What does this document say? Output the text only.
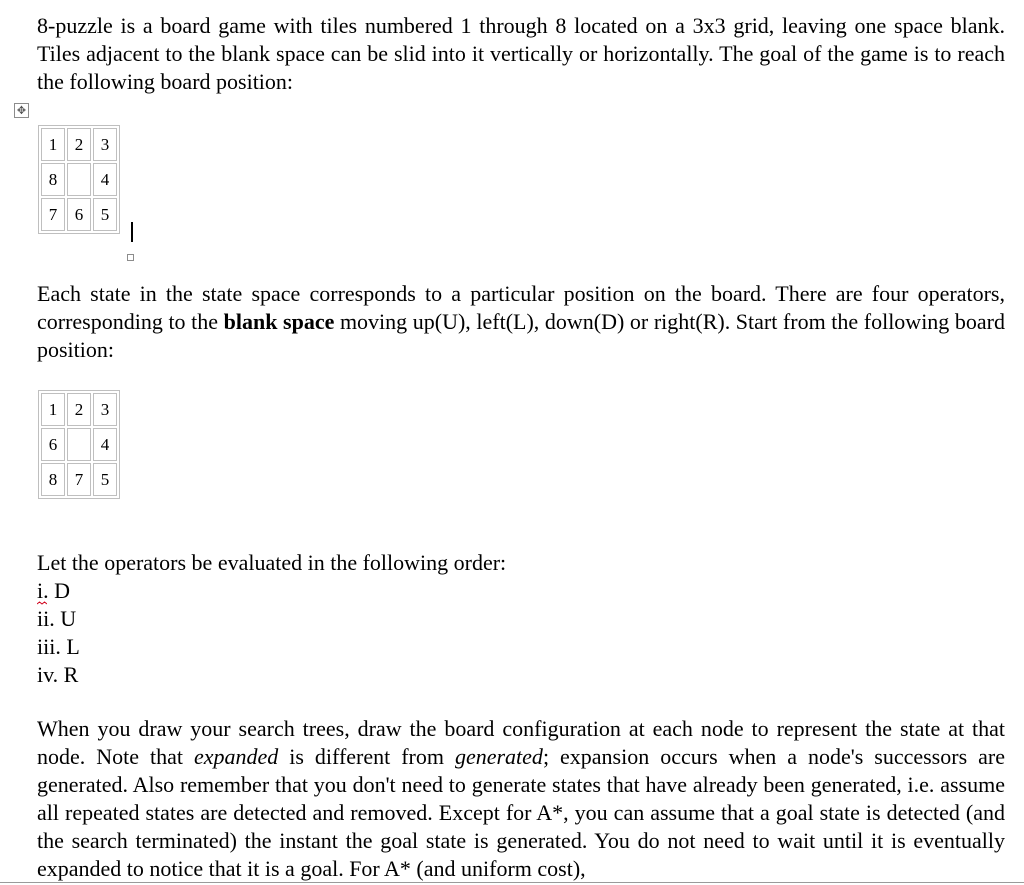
8-puzzle is a board game with tiles numbered 1 through 8 located on a 3x3 grid, leaving one space blank. Tiles adjacent to the blank space can be slid into it vertically or horizontally. The goal of the game is to reach the following board position:

✥
1	2	3
8		4
7	6	5

Each state in the state space corresponds to a particular position on the board. There are four operators, corresponding to the blank space moving up(U), left(L), down(D) or right(R). Start from the following board position:

1	2	3
6		4
8	7	5

Let the operators be evaluated in the following order:

i. D
ii. U
iii. L
iv. R

When you draw your search trees, draw the board configuration at each node to represent the state at that node. Note that expanded is different from generated; expansion occurs when a node's successors are generated. Also remember that you don't need to generate states that have already been generated, i.e. assume all repeated states are detected and removed. Except for A*, you can assume that a goal state is detected (and the search terminated) the instant the goal state is generated. You do not need to wait until it is eventually expanded to notice that it is a goal. For A* (and uniform cost),
